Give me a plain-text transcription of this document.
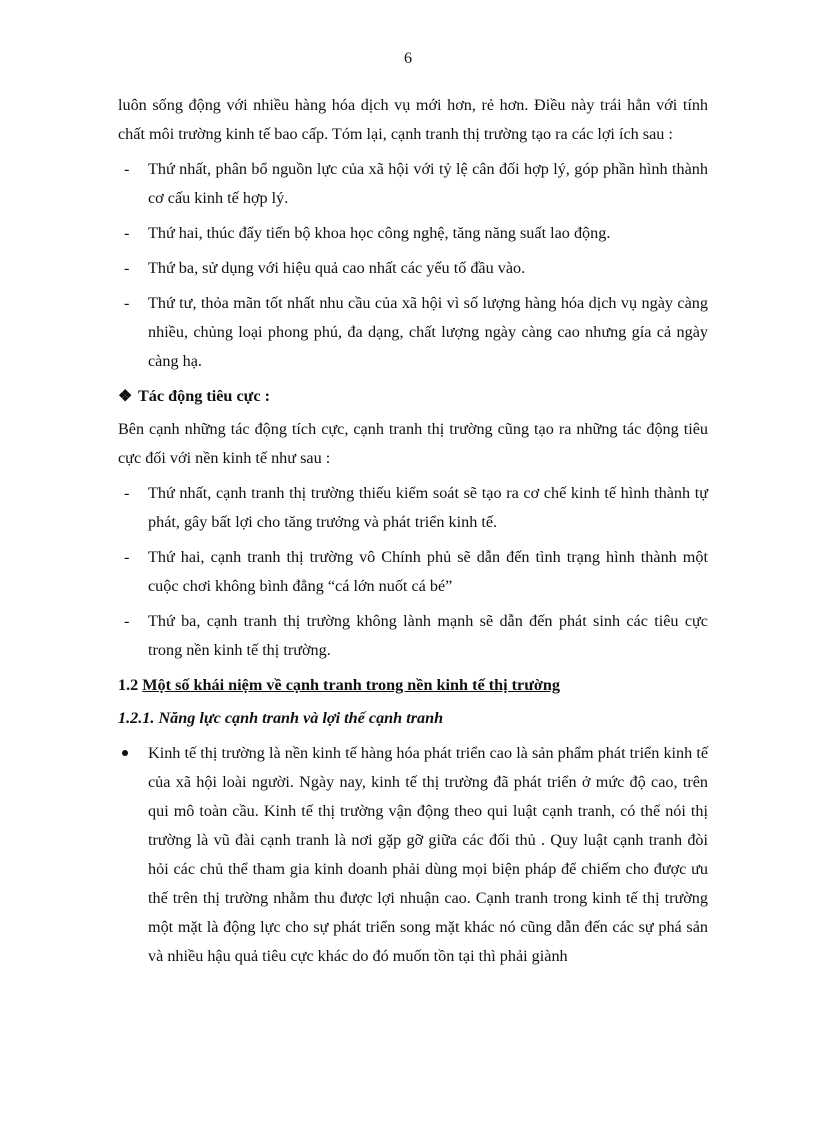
6

luôn sống động với nhiều hàng hóa dịch vụ mới hơn, rẻ hơn. Điều này trái hẳn với tính chất môi trường kinh tế bao cấp. Tóm lại, cạnh tranh thị trường tạo ra các lợi ích sau :

- Thứ nhất, phân bổ nguồn lực của xã hội với tỷ lệ cân đối hợp lý, góp phần hình thành cơ cấu kinh tế hợp lý.
- Thứ hai, thúc đẩy tiến bộ khoa học công nghệ, tăng năng suất lao động.
- Thứ ba, sử dụng với hiệu quả cao nhất các yếu tố đầu vào.
- Thứ tư, thỏa mãn tốt nhất nhu cầu của xã hội vì số lượng hàng hóa dịch vụ ngày càng nhiều, chủng loại phong phú, đa dạng, chất lượng ngày càng cao nhưng gía cả ngày càng hạ.
❖ Tác động tiêu cực :

Bên cạnh những tác động tích cực, cạnh tranh thị trường cũng tạo ra những tác động tiêu cực đối với nền kinh tế như sau :

- Thứ nhất, cạnh tranh thị trường thiếu kiểm soát sẽ tạo ra cơ chế kinh tế hình thành tự phát, gây bất lợi cho tăng trưởng và phát triển kinh tế.
- Thứ hai, cạnh tranh thị trường vô Chính phủ sẽ dẫn đến tình trạng hình thành một cuộc chơi không bình đẳng “cá lớn nuốt cá bé”
- Thứ ba, cạnh tranh thị trường không lành mạnh sẽ dẫn đến phát sinh các tiêu cực trong nền kinh tế thị trường.
1.2 Một số khái niệm về cạnh tranh trong nền kinh tế thị trường
1.2.1. Năng lực cạnh tranh và lợi thế cạnh tranh
Kinh tế thị trường là nền kinh tế hàng hóa phát triển cao là sản phẩm phát triển kinh tế của xã hội loài người. Ngày nay, kinh tế thị trường đã phát triển ở mức độ cao, trên qui mô toàn cầu. Kinh tế thị trường vận động theo qui luật cạnh tranh, có thể nói thị trường là vũ đài cạnh tranh là nơi gặp gỡ giữa các đối thủ . Quy luật cạnh tranh đòi hỏi các chủ thể tham gia kinh doanh phải dùng mọi biện pháp để chiếm cho được ưu thế trên thị trường nhằm thu được lợi nhuận cao. Cạnh tranh trong kinh tế thị trường một mặt là động lực cho sự phát triển song mặt khác nó cũng dẫn đến các sự phá sản và nhiều hậu quả tiêu cực khác do đó muốn tồn tại thì phải giành
